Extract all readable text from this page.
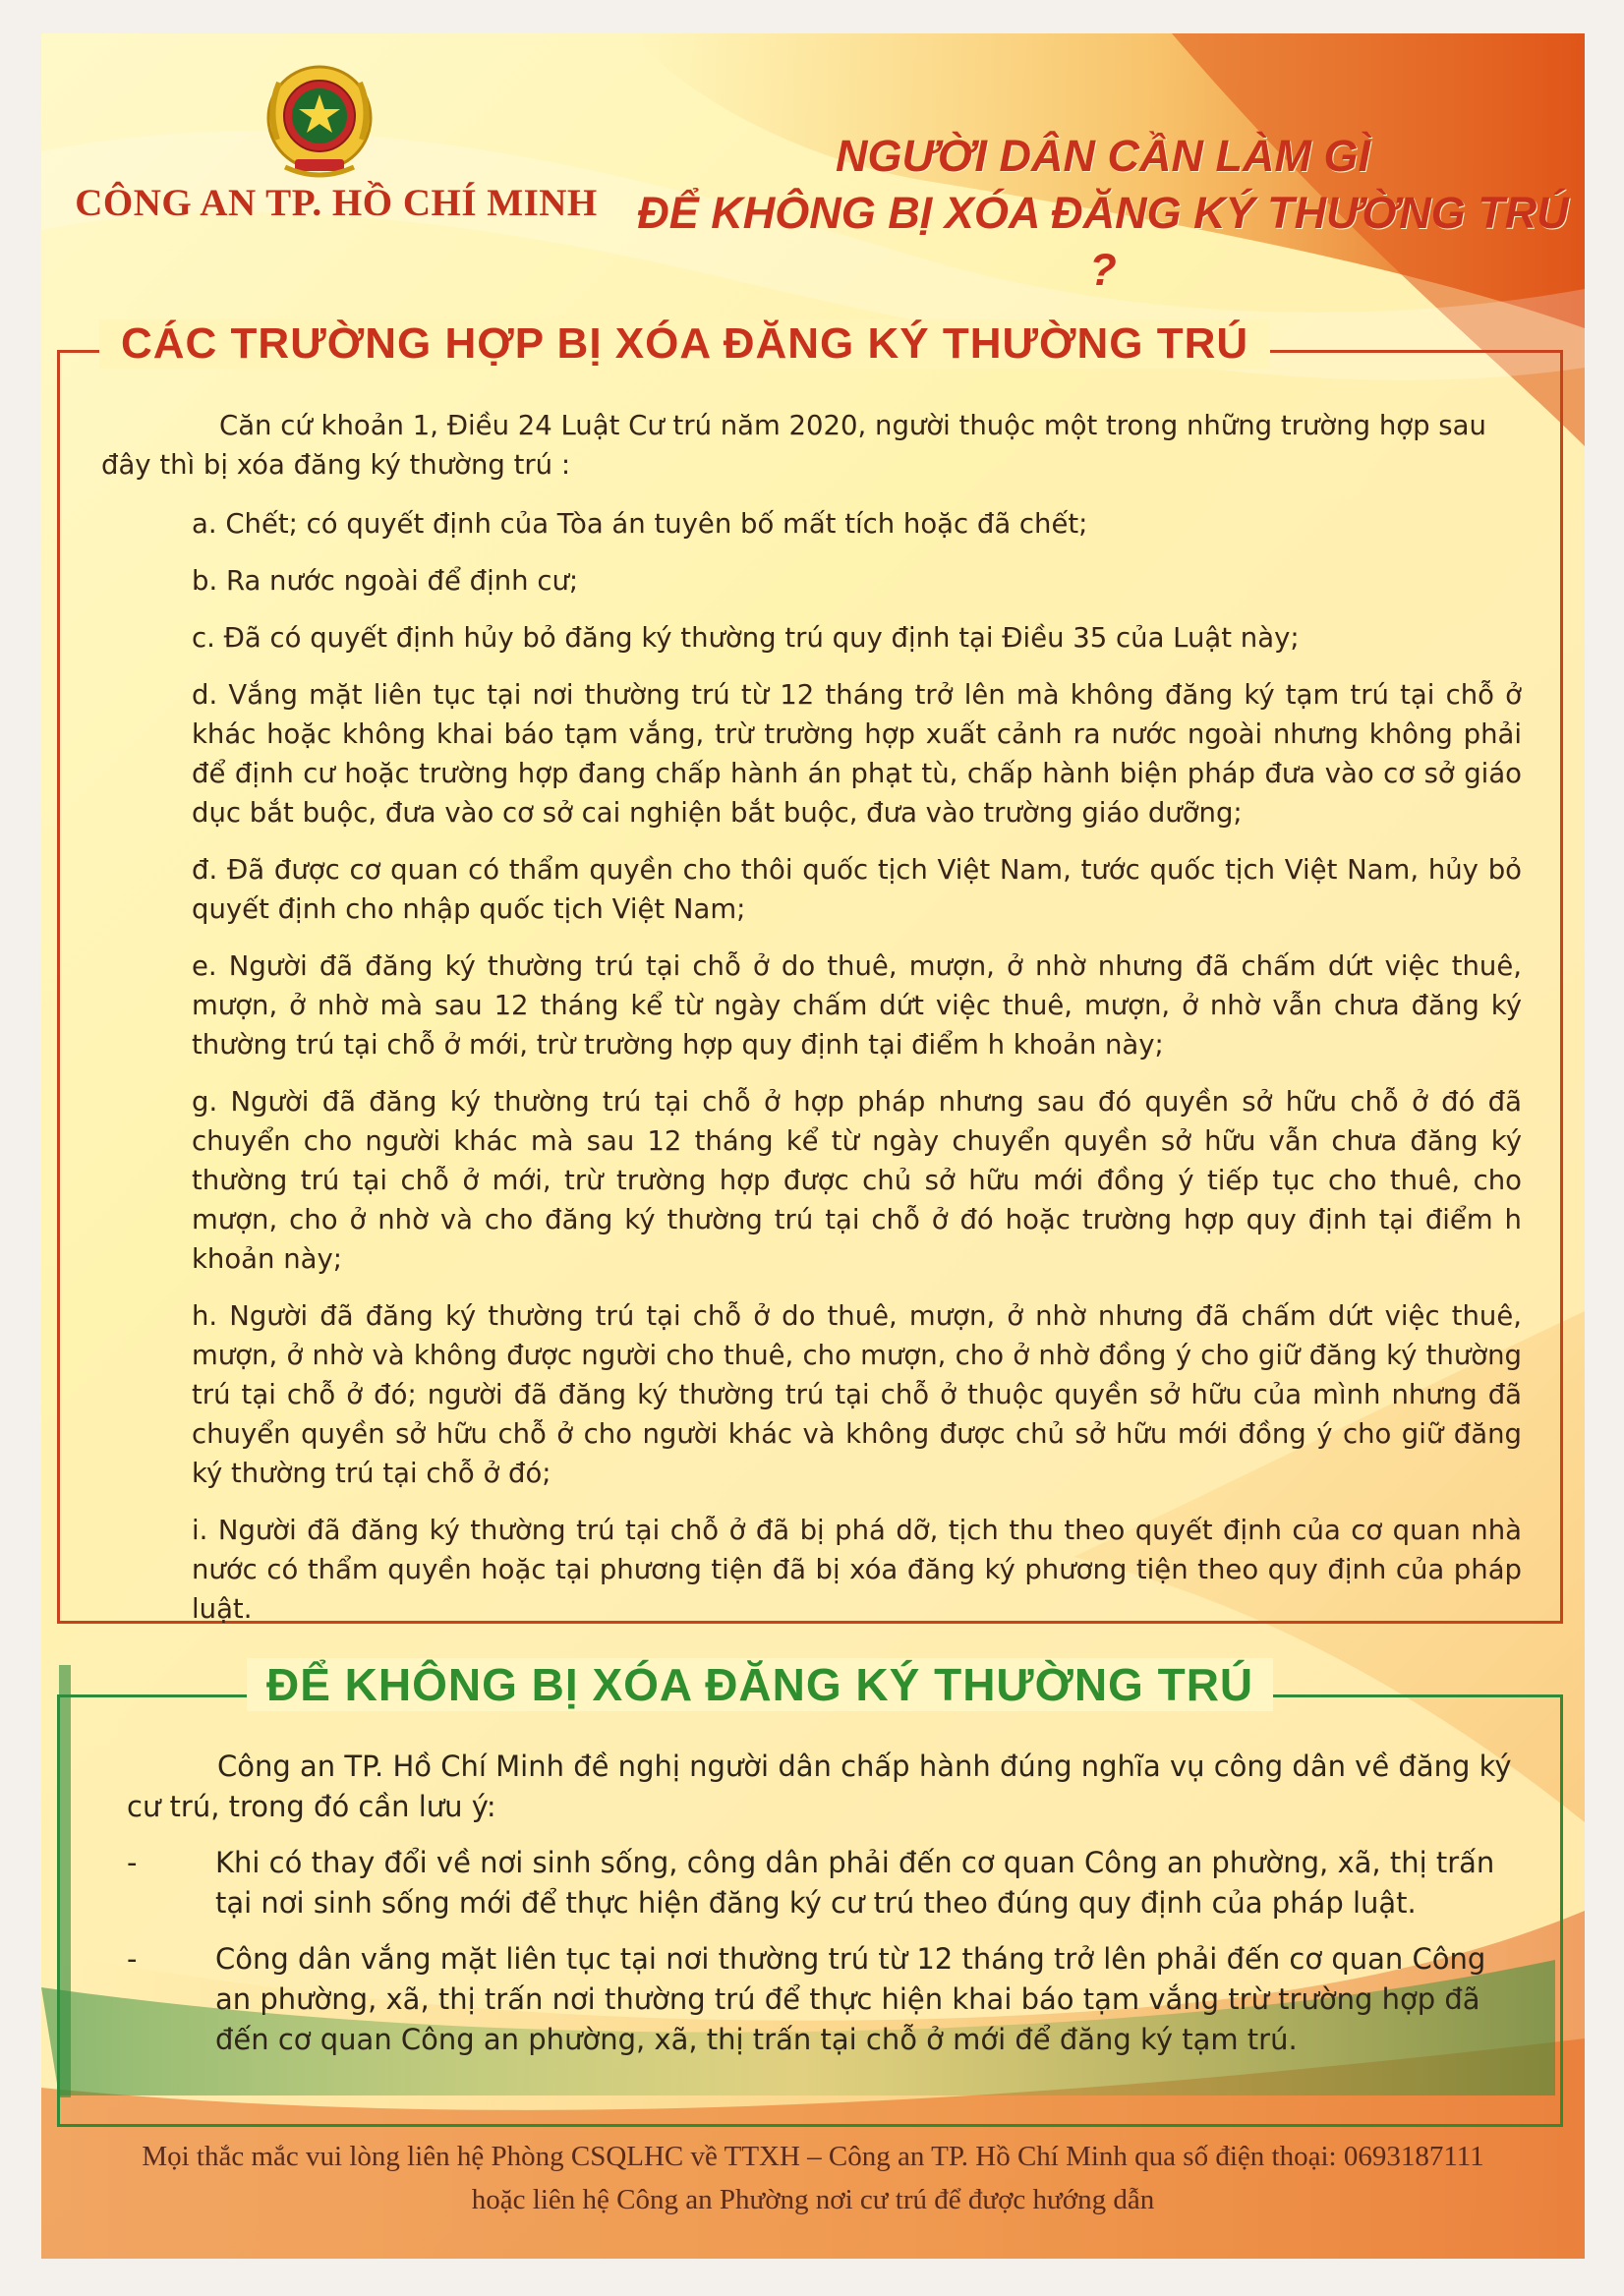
CÔNG AN TP. HỒ CHÍ MINH
NGƯỜI DÂN CẦN LÀM GÌ
ĐỂ KHÔNG BỊ XÓA ĐĂNG KÝ THƯỜNG TRÚ ?
CÁC TRƯỜNG HỢP BỊ XÓA ĐĂNG KÝ THƯỜNG TRÚ

Căn cứ khoản 1, Điều 24 Luật Cư trú năm 2020, người thuộc một trong những trường hợp sau đây thì bị xóa đăng ký thường trú :

a. Chết; có quyết định của Tòa án tuyên bố mất tích hoặc đã chết;

b. Ra nước ngoài để định cư;

c. Đã có quyết định hủy bỏ đăng ký thường trú quy định tại Điều 35 của Luật này;

d. Vắng mặt liên tục tại nơi thường trú từ 12 tháng trở lên mà không đăng ký tạm trú tại chỗ ở khác hoặc không khai báo tạm vắng, trừ trường hợp xuất cảnh ra nước ngoài nhưng không phải để định cư hoặc trường hợp đang chấp hành án phạt tù, chấp hành biện pháp đưa vào cơ sở giáo dục bắt buộc, đưa vào cơ sở cai nghiện bắt buộc, đưa vào trường giáo dưỡng;

đ. Đã được cơ quan có thẩm quyền cho thôi quốc tịch Việt Nam, tước quốc tịch Việt Nam, hủy bỏ quyết định cho nhập quốc tịch Việt Nam;

e. Người đã đăng ký thường trú tại chỗ ở do thuê, mượn, ở nhờ nhưng đã chấm dứt việc thuê, mượn, ở nhờ mà sau 12 tháng kể từ ngày chấm dứt việc thuê, mượn, ở nhờ vẫn chưa đăng ký thường trú tại chỗ ở mới, trừ trường hợp quy định tại điểm h khoản này;

g. Người đã đăng ký thường trú tại chỗ ở hợp pháp nhưng sau đó quyền sở hữu chỗ ở đó đã chuyển cho người khác mà sau 12 tháng kể từ ngày chuyển quyền sở hữu vẫn chưa đăng ký thường trú tại chỗ ở mới, trừ trường hợp được chủ sở hữu mới đồng ý tiếp tục cho thuê, cho mượn, cho ở nhờ và cho đăng ký thường trú tại chỗ ở đó hoặc trường hợp quy định tại điểm h khoản này;

h. Người đã đăng ký thường trú tại chỗ ở do thuê, mượn, ở nhờ nhưng đã chấm dứt việc thuê, mượn, ở nhờ và không được người cho thuê, cho mượn, cho ở nhờ đồng ý cho giữ đăng ký thường trú tại chỗ ở đó; người đã đăng ký thường trú tại chỗ ở thuộc quyền sở hữu của mình nhưng đã chuyển quyền sở hữu chỗ ở cho người khác và không được chủ sở hữu mới đồng ý cho giữ đăng ký thường trú tại chỗ ở đó;

i. Người đã đăng ký thường trú tại chỗ ở đã bị phá dỡ, tịch thu theo quyết định của cơ quan nhà nước có thẩm quyền hoặc tại phương tiện đã bị xóa đăng ký phương tiện theo quy định của pháp luật.

ĐỂ KHÔNG BỊ XÓA ĐĂNG KÝ THƯỜNG TRÚ

Công an TP. Hồ Chí Minh đề nghị người dân chấp hành đúng nghĩa vụ công dân về đăng ký cư trú, trong đó cần lưu ý:

-	Khi có thay đổi về nơi sinh sống, công dân phải đến cơ quan Công an phường, xã, thị trấn tại nơi sinh sống mới để thực hiện đăng ký cư trú theo đúng quy định của pháp luật.

-	Công dân vắng mặt liên tục tại nơi thường trú từ 12 tháng trở lên phải đến cơ quan Công an phường, xã, thị trấn nơi thường trú để thực hiện khai báo tạm vắng trừ trường hợp đã đến cơ quan Công an phường, xã, thị trấn tại chỗ ở mới để đăng ký tạm trú.

Mọi thắc mắc vui lòng liên hệ Phòng CSQLHC về TTXH – Công an TP. Hồ Chí Minh qua số điện thoại: 0693187111
hoặc liên hệ Công an Phường nơi cư trú để được hướng dẫn
